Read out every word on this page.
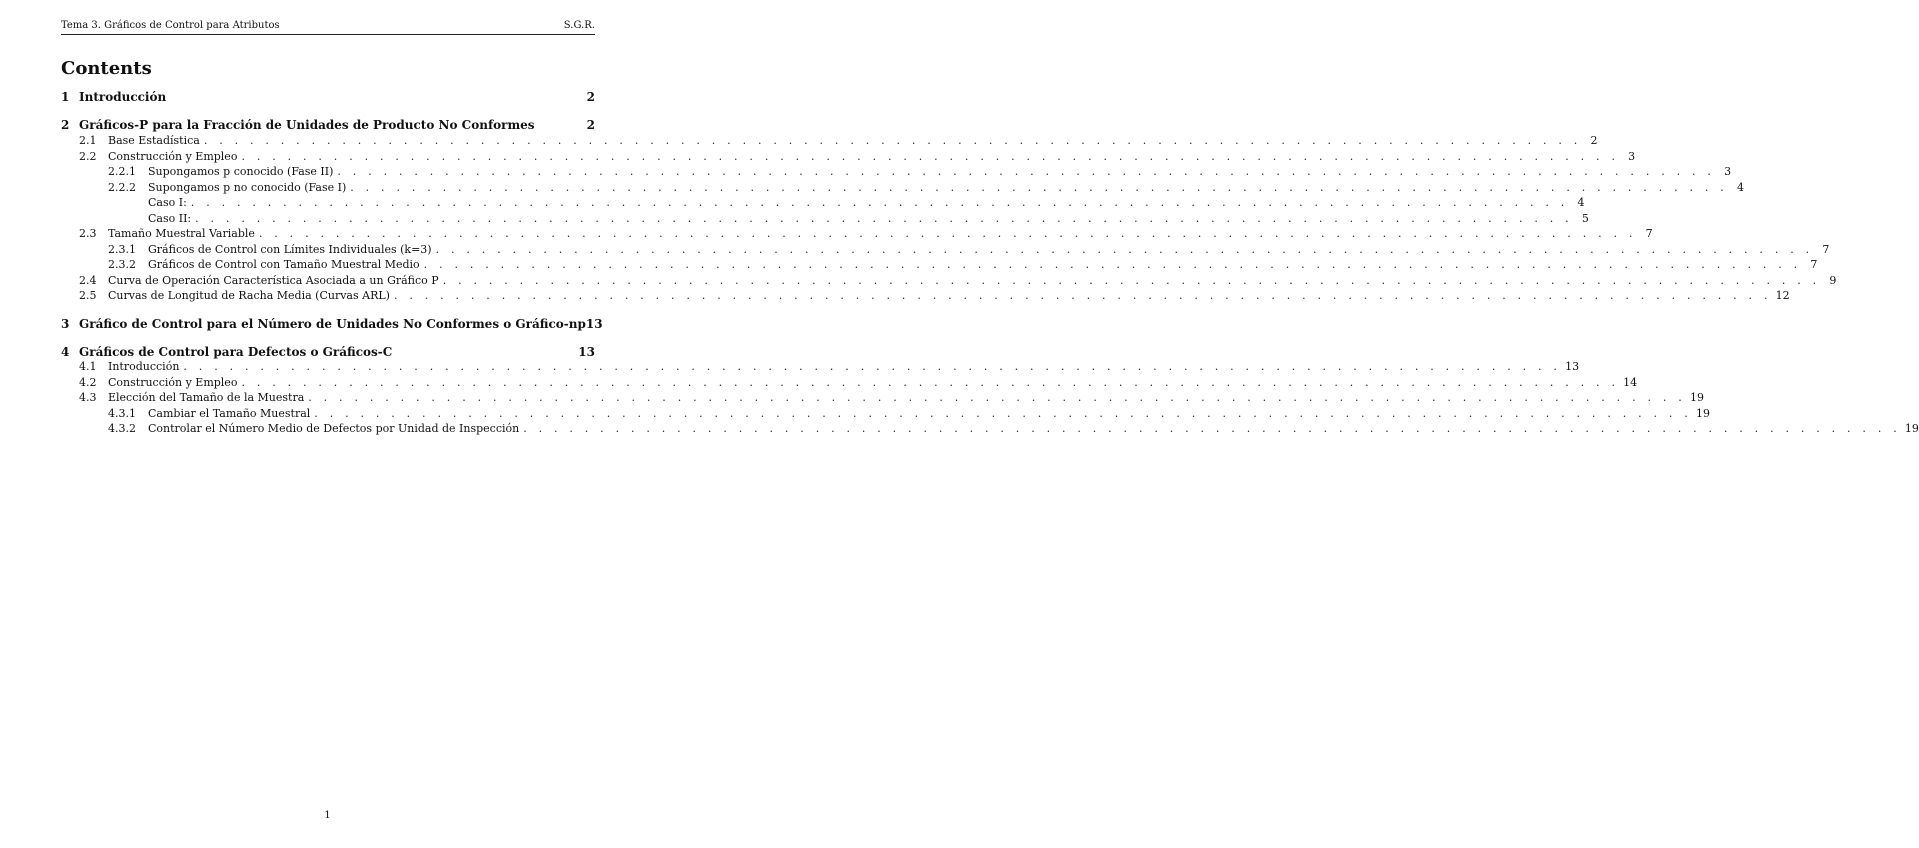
Tema 3. Gráficos de Control para Atributos	S.G.R.
Contents
1 Introducción	2
2 Gráficos-P para la Fracción de Unidades de Producto No Conformes	2
2.1	Base Estadística . . . . . . . . . . . . . . . . . . . . . . . . . . . . . . . . . . . . . . . . . . . . . . . . . . . . . . . . . . . . . . . . . . . . . . . . . . . . . . . . . . . . . . . . . . 2
2.2	Construcción y Empleo . . . . . . . . . . . . . . . . . . . . . . . . . . . . . . . . . . . . . . . . . . . . . . . . . . . . . . . . . . . . . . . . . . . . . . . . . . . . . . . . . . . . . . . . . . 3
2.2.1	Supongamos p conocido (Fase II) . . . . . . . . . . . . . . . . . . . . . . . . . . . . . . . . . . . . . . . . . . . . . . . . . . . . . . . . . . . . . . . . . . . . . . . . . . . . . . . . . . . . . . . . . . 3
2.2.2	Supongamos p no conocido (Fase I) . . . . . . . . . . . . . . . . . . . . . . . . . . . . . . . . . . . . . . . . . . . . . . . . . . . . . . . . . . . . . . . . . . . . . . . . . . . . . . . . . . . . . . . . . . 4
Caso I: . . . . . . . . . . . . . . . . . . . . . . . . . . . . . . . . . . . . . . . . . . . . . . . . . . . . . . . . . . . . . . . . . . . . . . . . . . . . . . . . . . . . . . . . . . 4
Caso II: . . . . . . . . . . . . . . . . . . . . . . . . . . . . . . . . . . . . . . . . . . . . . . . . . . . . . . . . . . . . . . . . . . . . . . . . . . . . . . . . . . . . . . . . . . 5
2.3	Tamaño Muestral Variable . . . . . . . . . . . . . . . . . . . . . . . . . . . . . . . . . . . . . . . . . . . . . . . . . . . . . . . . . . . . . . . . . . . . . . . . . . . . . . . . . . . . . . . . . . 7
2.3.1	Gráficos de Control con Límites Individuales (k=3) . . . . . . . . . . . . . . . . . . . . . . . . . . . . . . . . . . . . . . . . . . . . . . . . . . . . . . . . . . . . . . . . . . . . . . . . . . . . . . . . . . . . . . . . . . 7
2.3.2	Gráficos de Control con Tamaño Muestral Medio . . . . . . . . . . . . . . . . . . . . . . . . . . . . . . . . . . . . . . . . . . . . . . . . . . . . . . . . . . . . . . . . . . . . . . . . . . . . . . . . . . . . . . . . . . 7
2.4	Curva de Operación Característica Asociada a un Gráfico P . . . . . . . . . . . . . . . . . . . . . . . . . . . . . . . . . . . . . . . . . . . . . . . . . . . . . . . . . . . . . . . . . . . . . . . . . . . . . . . . . . . . . . . . . . 9
2.5	Curvas de Longitud de Racha Media (Curvas ARL) . . . . . . . . . . . . . . . . . . . . . . . . . . . . . . . . . . . . . . . . . . . . . . . . . . . . . . . . . . . . . . . . . . . . . . . . . . . . . . . . . . . . . . . . . . 12
3 Gráfico de Control para el Número de Unidades No Conformes o Gráfico-np 13
4 Gráficos de Control para Defectos o Gráficos-C	13
4.1	Introducción . . . . . . . . . . . . . . . . . . . . . . . . . . . . . . . . . . . . . . . . . . . . . . . . . . . . . . . . . . . . . . . . . . . . . . . . . . . . . . . . . . . . . . . . . . 13
4.2	Construcción y Empleo . . . . . . . . . . . . . . . . . . . . . . . . . . . . . . . . . . . . . . . . . . . . . . . . . . . . . . . . . . . . . . . . . . . . . . . . . . . . . . . . . . . . . . . . . . 14
4.3	Elección del Tamaño de la Muestra . . . . . . . . . . . . . . . . . . . . . . . . . . . . . . . . . . . . . . . . . . . . . . . . . . . . . . . . . . . . . . . . . . . . . . . . . . . . . . . . . . . . . . . . . . 19
4.3.1	Cambiar el Tamaño Muestral . . . . . . . . . . . . . . . . . . . . . . . . . . . . . . . . . . . . . . . . . . . . . . . . . . . . . . . . . . . . . . . . . . . . . . . . . . . . . . . . . . . . . . . . . . 19
4.3.2	Controlar el Número Medio de Defectos por Unidad de Inspección . . . . . . . . . . . . . . . . . . . . . . . . . . . . . . . . . . . . . . . . . . . . . . . . . . . . . . . . . . . . . . . . . . . . . . . . . . . . . . . . . . . . . . . . . . 19
1
